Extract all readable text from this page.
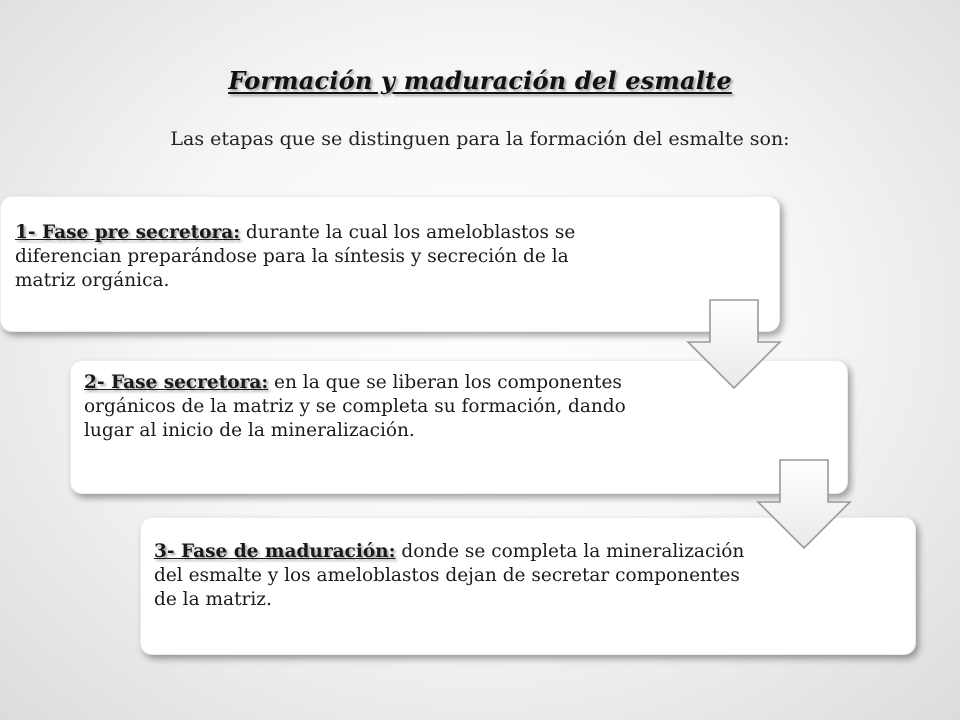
Formación y maduración del esmalte
Las etapas que se distinguen para la formación del esmalte son:
1- Fase pre secretora: durante la cual los ameloblastos se diferencian preparándose para la síntesis y secreción de la matriz orgánica.
2- Fase secretora: en la que se liberan los componentes orgánicos de la matriz y se completa su formación, dando lugar al inicio de la mineralización.
3- Fase de maduración: donde se completa la mineralización del esmalte y los ameloblastos dejan de secretar componentes de la matriz.
